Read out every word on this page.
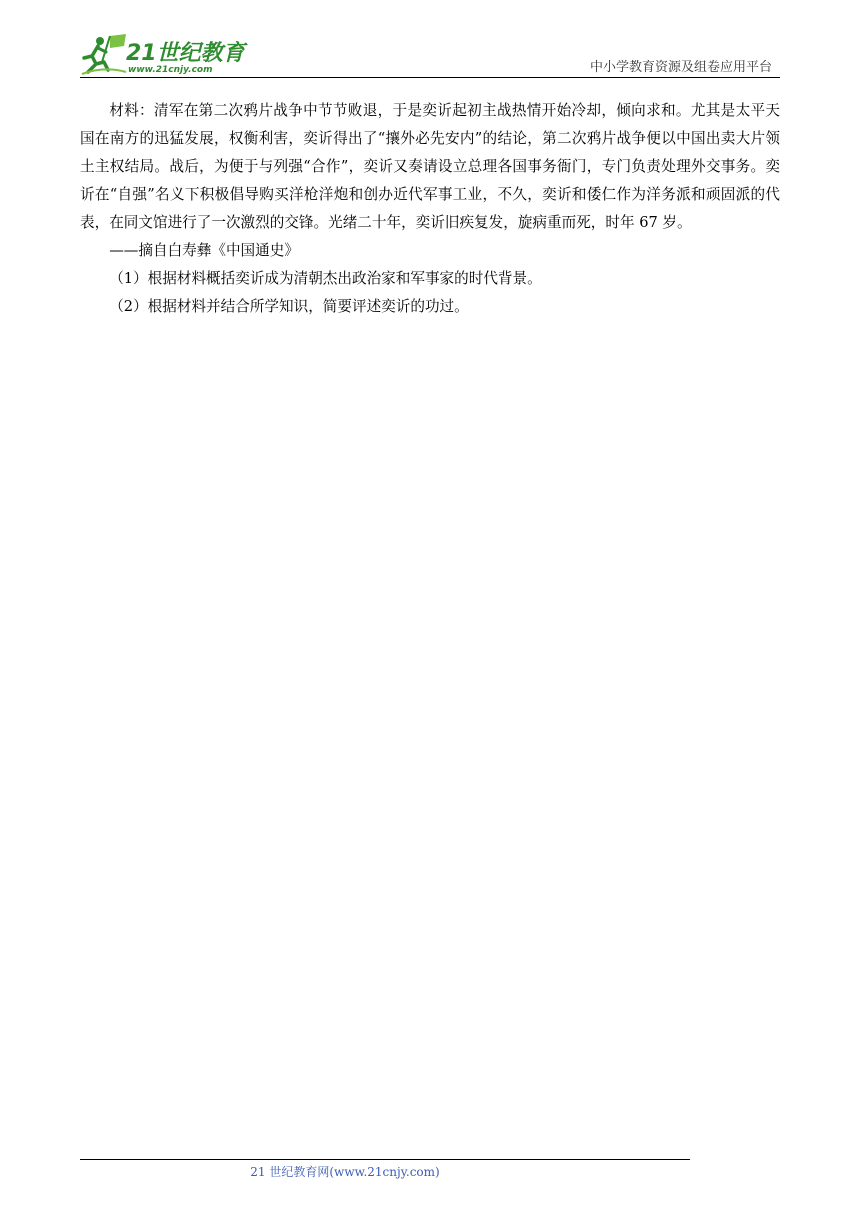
21世纪教育
www.21cnjy.com	中小学教育资源及组卷应用平台

材料：清军在第二次鸦片战争中节节败退，于是奕䜣起初主战热情开始冷却，倾向求和。尤其是太平天国在南方的迅猛发展，权衡利害，奕䜣得出了“攘外必先安内”的结论，第二次鸦片战争便以中国出卖大片领土主权结局。战后，为便于与列强“合作”，奕䜣又奏请设立总理各国事务衙门，专门负责处理外交事务。奕䜣在“自强”名义下积极倡导购买洋枪洋炮和创办近代军事工业，不久，奕䜣和倭仁作为洋务派和顽固派的代表，在同文馆进行了一次激烈的交锋。光绪二十年，奕䜣旧疾复发，旋病重而死，时年 67 岁。

——摘自白寿彝《中国通史》

（1）根据材料概括奕䜣成为清朝杰出政治家和军事家的时代背景。

（2）根据材料并结合所学知识，简要评述奕䜣的功过。

21 世纪教育网(www.21cnjy.com)
